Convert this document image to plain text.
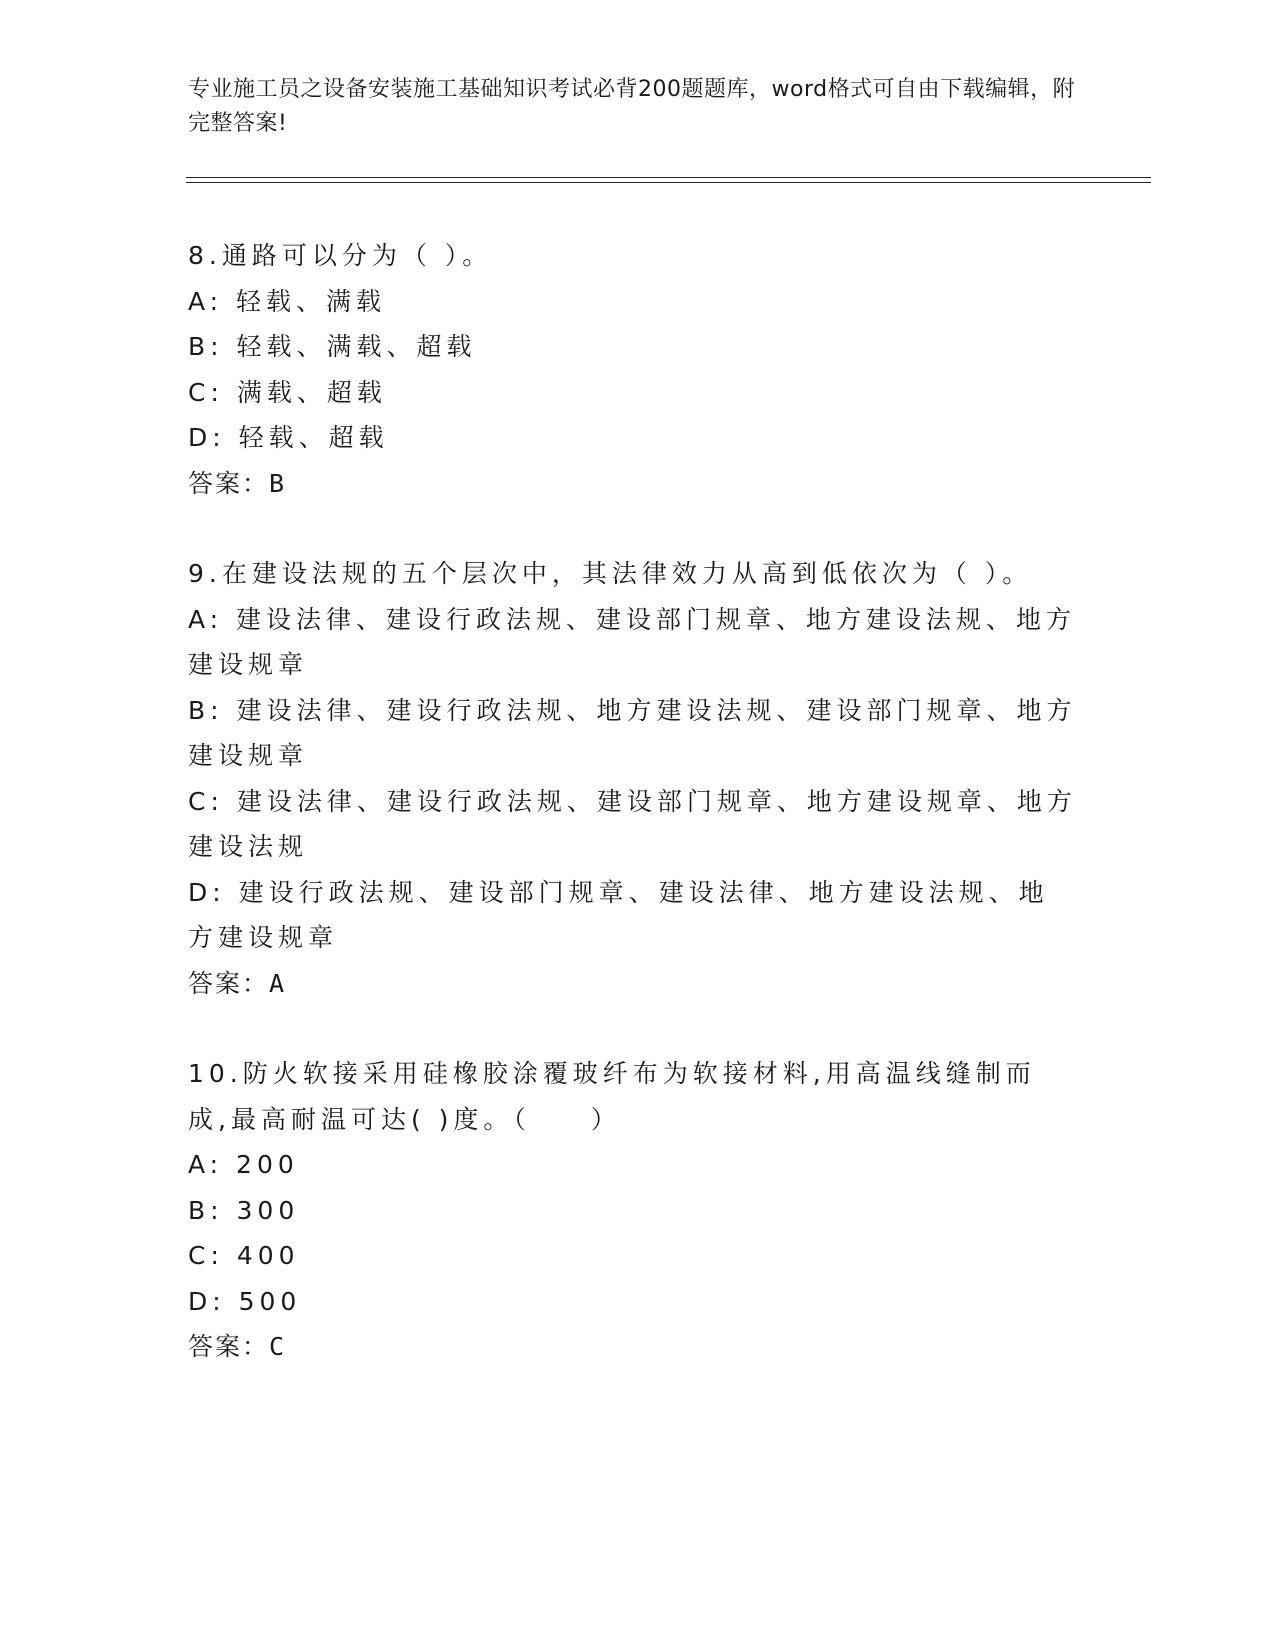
专业施工员之设备安装施工基础知识考试必背200题题库，word格式可自由下载编辑，附完整答案!

8.通路可以分为（ ）。

A: 轻载、满载

B: 轻载、满载、超载

C: 满载、超载

D: 轻载、超载

答案：B

9.在建设法规的五个层次中，其法律效力从高到低依次为（ ）。

A: 建设法律、建设行政法规、建设部门规章、地方建设法规、地方建设规章

B: 建设法律、建设行政法规、地方建设法规、建设部门规章、地方建设规章

C: 建设法律、建设行政法规、建设部门规章、地方建设规章、地方建设法规

D: 建设行政法规、建设部门规章、建设法律、地方建设法规、地方建设规章

答案：A

10.防火软接采用硅橡胶涂覆玻纤布为软接材料,用高温线缝制而成,最高耐温可达( )度。（　　）

A: 200

B: 300

C: 400

D: 500

答案：C
